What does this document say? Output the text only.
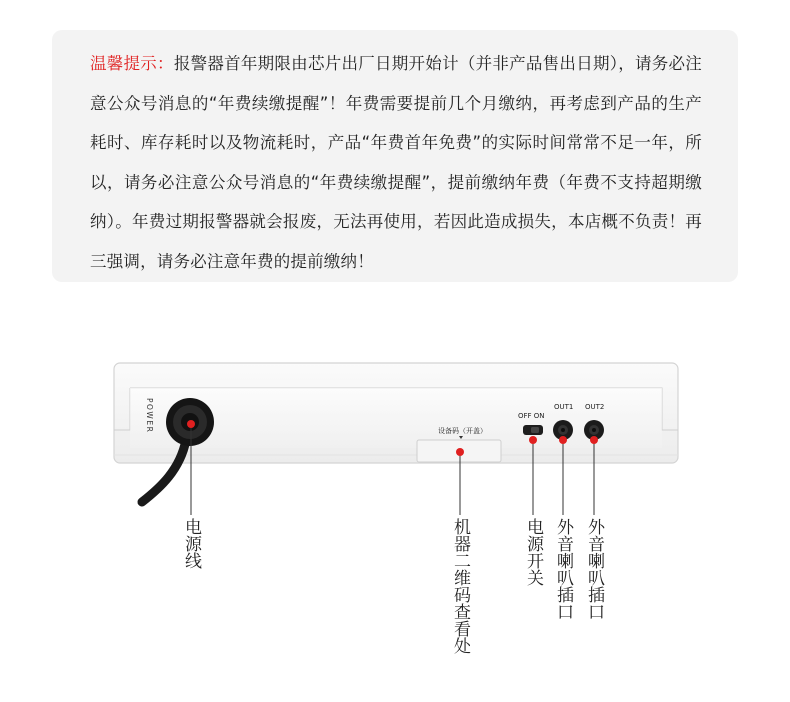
温馨提示：报警器首年期限由芯片出厂日期开始计（并非产品售出日期），请务必注意公众号消息的“年费续缴提醒”！年费需要提前几个月缴纳，再考虑到产品的生产耗时、库存耗时以及物流耗时，产品“年费首年免费”的实际时间常常不足一年，所以，请务必注意公众号消息的“年费续缴提醒”，提前缴纳年费（年费不支持超期缴纳）。年费过期报警器就会报废，无法再使用，若因此造成损失，本店概不负责！再三强调，请务必注意年费的提前缴纳！
POWER	设备码（开盖）
OFF ON
OUT1 OUT2
电源线	机器二维码查看处	电源开关 外音喇叭插口 外音喇叭插口
